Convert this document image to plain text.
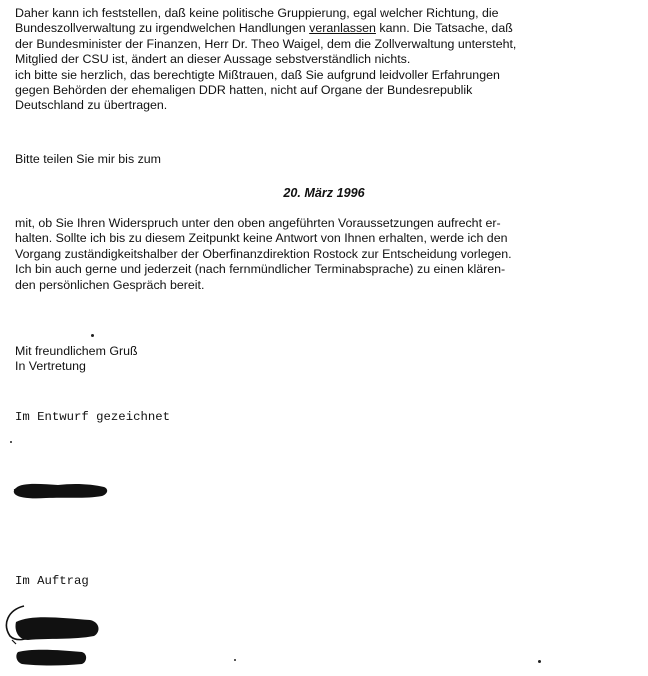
Daher kann ich feststellen, daß keine politische Gruppierung, egal welcher Richtung, die
Bundeszollverwaltung zu irgendwelchen Handlungen veranlassen kann. Die Tatsache, daß
der Bundesminister der Finanzen, Herr Dr. Theo Waigel, dem die Zollverwaltung untersteht,
Mitglied der CSU ist, ändert an dieser Aussage sebstverständlich nichts.
ich bitte sie herzlich, das berechtigte Mißtrauen, daß Sie aufgrund leidvoller Erfahrungen
gegen Behörden der ehemaligen DDR hatten, nicht auf Organe der Bundesrepublik
Deutschland zu übertragen.

Bitte teilen Sie mir bis zum

20. März 1996

mit, ob Sie Ihren Widerspruch unter den oben angeführten Voraussetzungen aufrecht er-
halten. Sollte ich bis zu diesem Zeitpunkt keine Antwort von Ihnen erhalten, werde ich den
Vorgang zuständigkeitshalber der Oberfinanzdirektion Rostock zur Entscheidung vorlegen.
Ich bin auch gerne und jederzeit (nach fernmündlicher Terminabsprache) zu einen klären-
den persönlichen Gespräch bereit.

Mit freundlichem Gruß
In Vertretung

Im Entwurf gezeichnet
Im Auftrag
